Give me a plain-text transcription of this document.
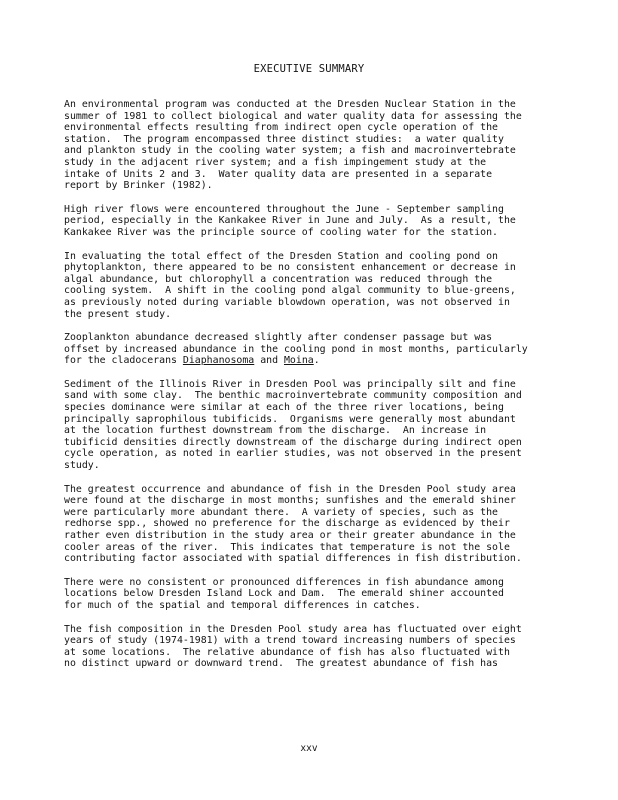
EXECUTIVE SUMMARY

An environmental program was conducted at the Dresden Nuclear Station in the
summer of 1981 to collect biological and water quality data for assessing the
environmental effects resulting from indirect open cycle operation of the
station.  The program encompassed three distinct studies:  a water quality
and plankton study in the cooling water system; a fish and macroinvertebrate
study in the adjacent river system; and a fish impingement study at the
intake of Units 2 and 3.  Water quality data are presented in a separate
report by Brinker (1982).

High river flows were encountered throughout the June - September sampling
period, especially in the Kankakee River in June and July.  As a result, the
Kankakee River was the principle source of cooling water for the station.

In evaluating the total effect of the Dresden Station and cooling pond on
phytoplankton, there appeared to be no consistent enhancement or decrease in
algal abundance, but chlorophyll a concentration was reduced through the
cooling system.  A shift in the cooling pond algal community to blue-greens,
as previously noted during variable blowdown operation, was not observed in
the present study.

Zooplankton abundance decreased slightly after condenser passage but was
offset by increased abundance in the cooling pond in most months, particularly
for the cladocerans Diaphanosoma and Moina.

Sediment of the Illinois River in Dresden Pool was principally silt and fine
sand with some clay.  The benthic macroinvertebrate community composition and
species dominance were similar at each of the three river locations, being
principally saprophilous tubificids.  Organisms were generally most abundant
at the location furthest downstream from the discharge.  An increase in
tubificid densities directly downstream of the discharge during indirect open
cycle operation, as noted in earlier studies, was not observed in the present
study.

The greatest occurrence and abundance of fish in the Dresden Pool study area
were found at the discharge in most months; sunfishes and the emerald shiner
were particularly more abundant there.  A variety of species, such as the
redhorse spp., showed no preference for the discharge as evidenced by their
rather even distribution in the study area or their greater abundance in the
cooler areas of the river.  This indicates that temperature is not the sole
contributing factor associated with spatial differences in fish distribution.

There were no consistent or pronounced differences in fish abundance among
locations below Dresden Island Lock and Dam.  The emerald shiner accounted
for much of the spatial and temporal differences in catches.

The fish composition in the Dresden Pool study area has fluctuated over eight
years of study (1974-1981) with a trend toward increasing numbers of species
at some locations.  The relative abundance of fish has also fluctuated with
no distinct upward or downward trend.  The greatest abundance of fish has

xxv
